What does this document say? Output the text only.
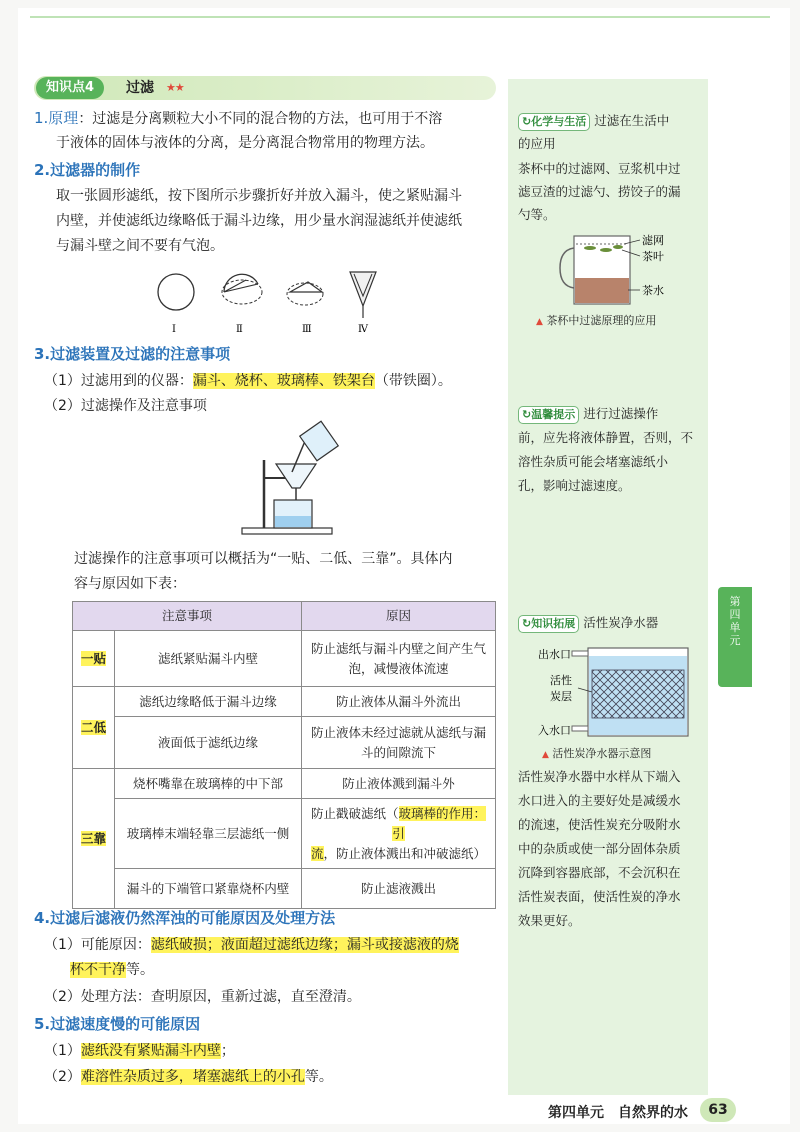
知识点4	过滤 ★★
1.原理：过滤是分离颗粒大小不同的混合物的方法，也可用于不溶
于液体的固体与液体的分离，是分离混合物常用的物理方法。
2.过滤器的制作
取一张圆形滤纸，按下图所示步骤折好并放入漏斗，使之紧贴漏斗
内壁，并使滤纸边缘略低于漏斗边缘，用少量水润湿滤纸并使滤纸
与漏斗壁之间不要有气泡。
Ⅰ	Ⅱ	Ⅲ	Ⅳ
3.过滤装置及过滤的注意事项
（1）过滤用到的仪器：漏斗、烧杯、玻璃棒、铁架台（带铁圈）。
（2）过滤操作及注意事项
过滤操作的注意事项可以概括为“一贴、二低、三靠”。具体内
容与原因如下表：
注意事项		原因
一贴	滤纸紧贴漏斗内壁	防止滤纸与漏斗内壁之间产生气泡，减慢液体流速
二低	滤纸边缘略低于漏斗边缘	防止液体从漏斗外流出
	液面低于滤纸边缘	防止液体未经过滤就从滤纸与漏斗的间隙流下
三靠	烧杯嘴靠在玻璃棒的中下部	防止液体溅到漏斗外
	玻璃棒末端轻靠三层滤纸一侧	防止戳破滤纸（玻璃棒的作用：引流，防止液体溅出和冲破滤纸）
	漏斗的下端管口紧靠烧杯内壁	防止滤液溅出
4.过滤后滤液仍然浑浊的可能原因及处理方法
（1）可能原因：滤纸破损；液面超过滤纸边缘；漏斗或接滤液的烧
杯不干净等。
（2）处理方法：查明原因，重新过滤，直至澄清。
5.过滤速度慢的可能原因
（1）滤纸没有紧贴漏斗内壁；
（2）难溶性杂质过多，堵塞滤纸上的小孔等。
↻化学与生活 过滤在生活中
的应用
茶杯中的过滤网、豆浆机中过
滤豆渣的过滤勺、捞饺子的漏
勺等。
滤网
茶叶
茶水
▲ 茶杯中过滤原理的应用
↻温馨提示 进行过滤操作
前，应先将液体静置，否则，不
溶性杂质可能会堵塞滤纸小
孔，影响过滤速度。
↻知识拓展 活性炭净水器
出水口
活性
炭层
入水口
▲ 活性炭净水器示意图
活性炭净水器中水样从下端入
水口进入的主要好处是减缓水
的流速，使活性炭充分吸附水
中的杂质或使一部分固体杂质
沉降到容器底部，不会沉积在
活性炭表面，使活性炭的净水
效果更好。
第
四
单
元
第四单元　自然界的水	63
